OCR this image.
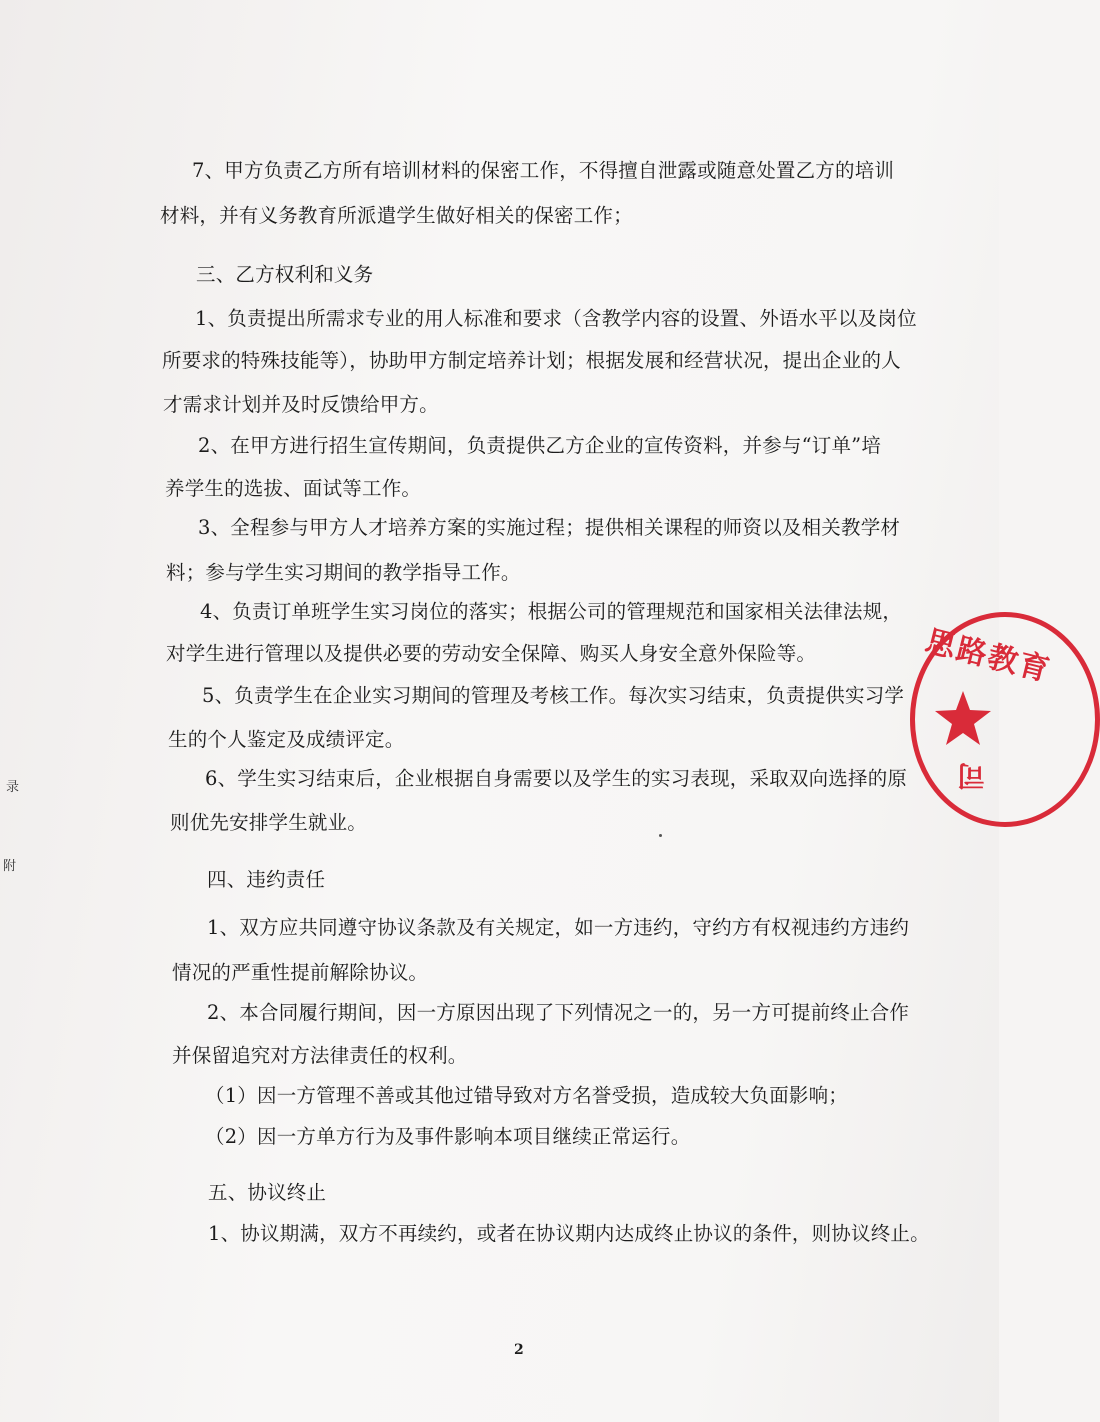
7、甲方负责乙方所有培训材料的保密工作，不得擅自泄露或随意处置乙方的培训
材料，并有义务教育所派遣学生做好相关的保密工作；
三、乙方权利和义务
1、负责提出所需求专业的用人标准和要求（含教学内容的设置、外语水平以及岗位
所要求的特殊技能等），协助甲方制定培养计划；根据发展和经营状况，提出企业的人
才需求计划并及时反馈给甲方。
2、在甲方进行招生宣传期间，负责提供乙方企业的宣传资料，并参与“订单”培
养学生的选拔、面试等工作。
3、全程参与甲方人才培养方案的实施过程；提供相关课程的师资以及相关教学材
料；参与学生实习期间的教学指导工作。
4、负责订单班学生实习岗位的落实；根据公司的管理规范和国家相关法律法规，
对学生进行管理以及提供必要的劳动安全保障、购买人身安全意外保险等。
5、负责学生在企业实习期间的管理及考核工作。每次实习结束，负责提供实习学
生的个人鉴定及成绩评定。
6、学生实习结束后，企业根据自身需要以及学生的实习表现，采取双向选择的原
则优先安排学生就业。
四、违约责任
1、双方应共同遵守协议条款及有关规定，如一方违约，守约方有权视违约方违约
情况的严重性提前解除协议。
2、本合同履行期间，因一方原因出现了下列情况之一的，另一方可提前终止合作
并保留追究对方法律责任的权利。
（1）因一方管理不善或其他过错导致对方名誉受损，造成较大负面影响；
（2）因一方单方行为及事件影响本项目继续正常运行。
五、协议终止
1、协议期满，双方不再续约，或者在协议期内达成终止协议的条件，则协议终止。
录
附
2
思路教育
司
